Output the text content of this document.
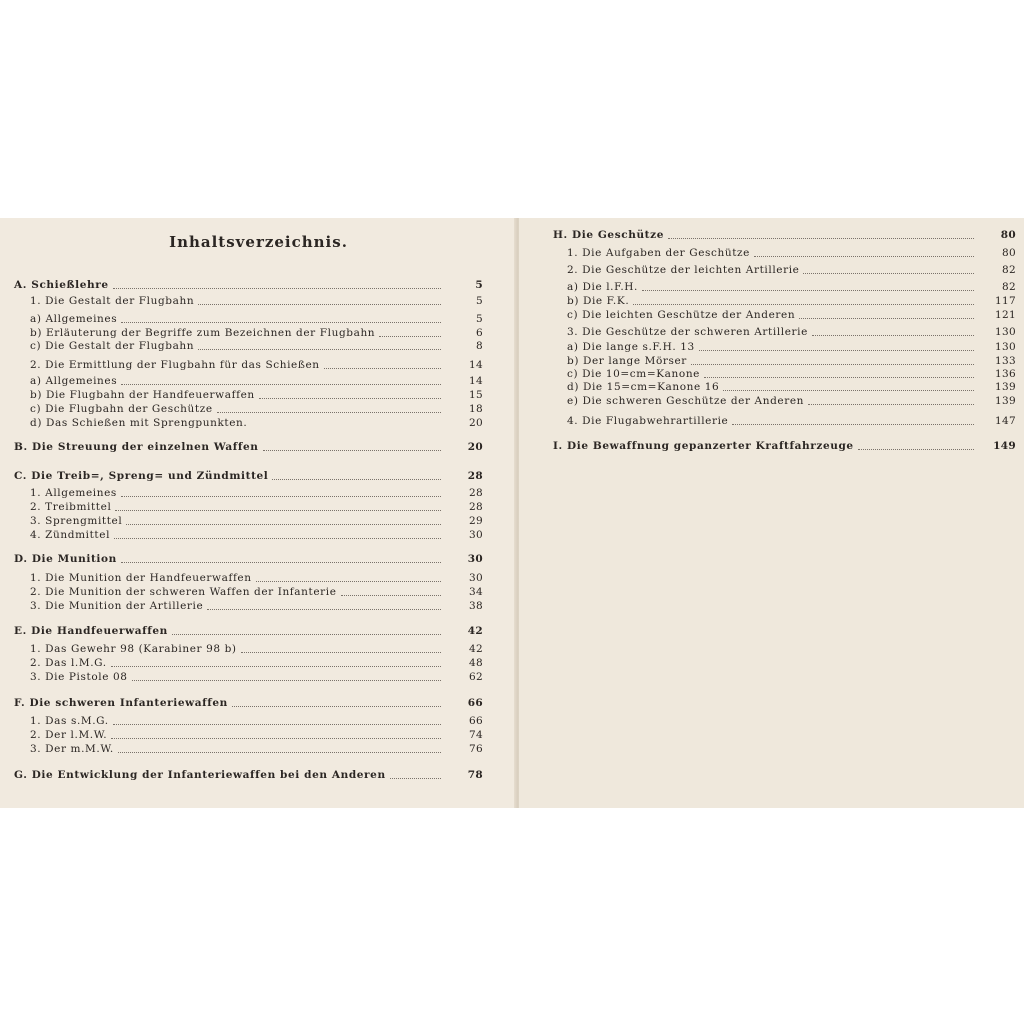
Inhaltsverzeichnis.
A. Schießlehre	5
1. Die Gestalt der Flugbahn	5
a) Allgemeines	5
b) Erläuterung der Begriffe zum Bezeichnen der Flugbahn	6
c) Die Gestalt der Flugbahn	8
2. Die Ermittlung der Flugbahn für das Schießen	14
a) Allgemeines	14
b) Die Flugbahn der Handfeuerwaffen	15
c) Die Flugbahn der Geschütze	18
d) Das Schießen mit Sprengpunkten.	20
B. Die Streuung der einzelnen Waffen	20
C. Die Treib=, Spreng= und Zündmittel	28
1. Allgemeines	28
2. Treibmittel	28
3. Sprengmittel	29
4. Zündmittel	30
D. Die Munition	30
1. Die Munition der Handfeuerwaffen	30
2. Die Munition der schweren Waffen der Infanterie	34
3. Die Munition der Artillerie	38
E. Die Handfeuerwaffen	42
1. Das Gewehr 98 (Karabiner 98 b)	42
2. Das l.M.G.	48
3. Die Pistole 08	62
F. Die schweren Infanteriewaffen	66
1. Das s.M.G.	66
2. Der l.M.W.	74
3. Der m.M.W.	76
G. Die Entwicklung der Infanteriewaffen bei den Anderen	78
H. Die Geschütze	80
1. Die Aufgaben der Geschütze	80
2. Die Geschütze der leichten Artillerie	82
a) Die l.F.H.	82
b) Die F.K.	117
c) Die leichten Geschütze der Anderen	121
3. Die Geschütze der schweren Artillerie	130
a) Die lange s.F.H. 13	130
b) Der lange Mörser	133
c) Die 10=cm=Kanone	136
d) Die 15=cm=Kanone 16	139
e) Die schweren Geschütze der Anderen	139
4. Die Flugabwehrartillerie	147
I. Die Bewaffnung gepanzerter Kraftfahrzeuge	149
